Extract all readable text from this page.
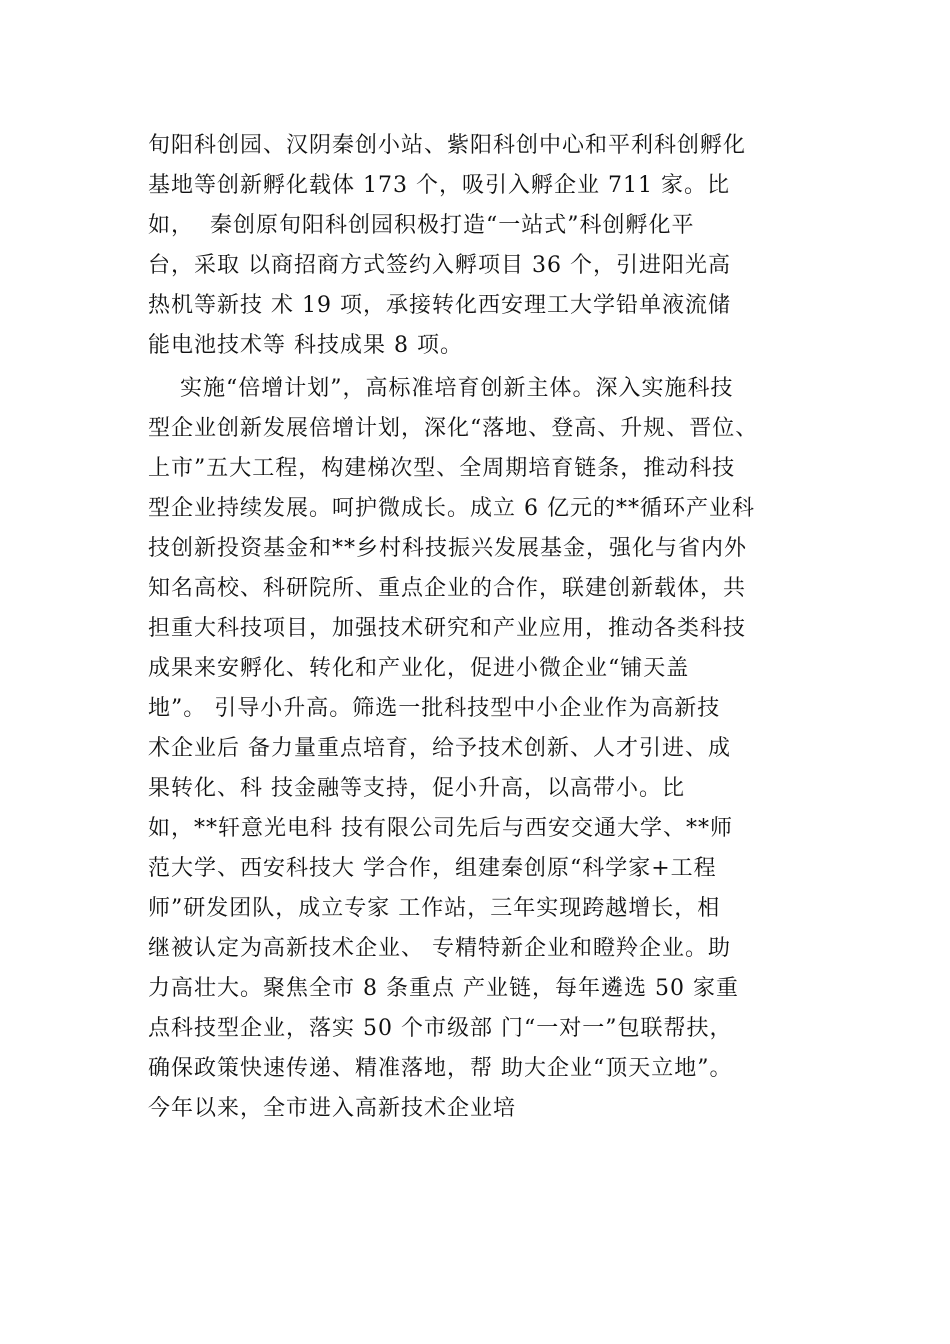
旬阳科创园、汉阴秦创小站、紫阳科创中心和平利科创孵化
基地等创新孵化载体 173 个，吸引入孵企业 711 家。比
如，  秦创原旬阳科创园积极打造“一站式”科创孵化平
台，采取 以商招商方式签约入孵项目 36 个，引进阳光高
热机等新技 术 19 项，承接转化西安理工大学铅单液流储
能电池技术等 科技成果 8 项。
实施“倍增计划”，高标准培育创新主体。深入实施科技
型企业创新发展倍增计划，深化“落地、登高、升规、晋位、
上市”五大工程，构建梯次型、全周期培育链条，推动科技
型企业持续发展。呵护微成长。成立 6 亿元的**循环产业科
技创新投资基金和**乡村科技振兴发展基金，强化与省内外
知名高校、科研院所、重点企业的合作，联建创新载体，共
担重大科技项目，加强技术研究和产业应用，推动各类科技
成果来安孵化、转化和产业化，促进小微企业“铺天盖
地”。 引导小升高。筛选一批科技型中小企业作为高新技
术企业后 备力量重点培育，给予技术创新、人才引进、成
果转化、科 技金融等支持，促小升高，以高带小。比
如，**轩意光电科 技有限公司先后与西安交通大学、**师
范大学、西安科技大 学合作，组建秦创原“科学家+工程
师”研发团队，成立专家 工作站，三年实现跨越增长，相
继被认定为高新技术企业、 专精特新企业和瞪羚企业。助
力高壮大。聚焦全市 8 条重点 产业链，每年遴选 50 家重
点科技型企业，落实 50 个市级部 门“一对一”包联帮扶，
确保政策快速传递、精准落地，帮 助大企业“顶天立地”。
今年以来，全市进入高新技术企业培
